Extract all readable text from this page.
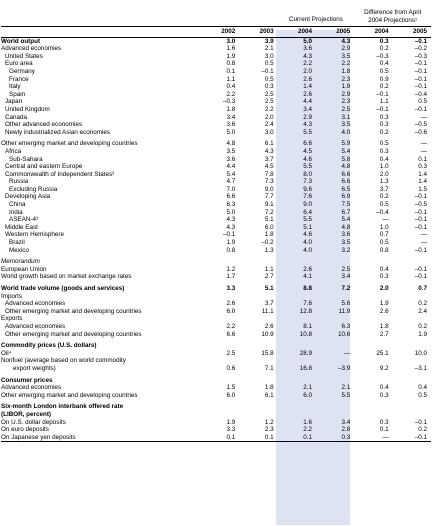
			Current Projections		Difference from April
2004 Projections¹	
	2002	2003	2004	2005	2004	2005
World output	3.0	3.9	5.0	4.3	0.3	–0.1
Advanced economies	1.6	2.1	3.6	2.9	0.2	–0.2
United States	1.9	3.0	4.3	3.5	–0.3	–0.3
Euro area	0.8	0.5	2.2	2.2	0.4	–0.1
Germany	0.1	–0.1	2.0	1.8	0.5	–0.1
France	1.1	0.5	2.6	2.3	0.9	–0.1
Italy	0.4	0.3	1.4	1.9	0.2	–0.1
Spain	2.2	2.5	2.6	2.9	–0.1	–0.4
Japan	–0.3	2.5	4.4	2.3	1.1	0.5
United Kingdom	1.8	2.2	3.4	2.5	–0.1	–0.1
Canada	3.4	2.0	2.9	3.1	0.3	—
Other advanced economies	3.6	2.4	4.3	3.5	0.3	–0.5
Newly industrialized Asian economies	5.0	3.0	5.5	4.0	0.2	–0.6

Other emerging market and developing countries	4.8	6.1	6.6	5.9	0.5	—
Africa	3.5	4.3	4.5	5.4	0.3	—
Sub-Sahara	3.6	3.7	4.6	5.8	0.4	0.1
Central and eastern Europe	4.4	4.5	5.5	4.8	1.0	0.3
Commonwealth of Independent States²	5.4	7.8	8.0	6.6	2.0	1.4
Russia	4.7	7.3	7.3	6.6	1.3	1.4
Excluding Russia	7.0	9.0	9.6	6.5	3.7	1.5
Developing Asia	6.6	7.7	7.6	6.9	0.2	–0.1
China	8.3	9.1	9.0	7.5	0.5	–0.5
India	5.0	7.2	6.4	6.7	–0.4	–0.1
ASEAN-4³	4.3	5.1	5.5	5.4	—	–0.1
Middle East	4.3	6.0	5.1	4.8	1.0	–0.1
Western Hemisphere	–0.1	1.8	4.6	3.6	0.7	—
Brazil	1.9	–0.2	4.0	3.5	0.5	—
Mexico	0.8	1.3	4.0	3.2	0.8	–0.1

Memorandum						
European Union	1.2	1.1	2.6	2.5	0.4	–0.1
World growth based on market exchange rates	1.7	2.7	4.1	3.4	0.3	–0.1

World trade volume (goods and services)	3.3	5.1	8.8	7.2	2.0	0.7
Imports						
Advanced economies	2.6	3.7	7.6	5.6	1.9	0.2
Other emerging market and developing countries	6.0	11.1	12.8	11.9	2.6	2.4
Exports						
Advanced economies	2.2	2.6	8.1	6.3	1.8	0.2
Other emerging market and developing countries	6.6	10.9	10.8	10.6	2.7	1.9

Commodity prices (U.S. dollars)						
Oil⁴	2.5	15.8	28.9	—	25.1	10.0
Nonfuel (average based on world commodity						
export weights)	0.6	7.1	16.8	–3.9	9.2	–3.1

Consumer prices						
Advanced economies	1.5	1.8	2.1	2.1	0.4	0.4
Other emerging market and developing countries	6.0	6.1	6.0	5.5	0.3	0.5

Six-month London interbank offered rate						
(LIBOR, percent)						
On U.S. dollar deposits	1.9	1.2	1.6	3.4	0.3	–0.1
On euro deposits	3.3	2.3	2.2	2.8	0.1	0.2
On Japanese yen deposits	0.1	0.1	0.1	0.3	—	–0.1
